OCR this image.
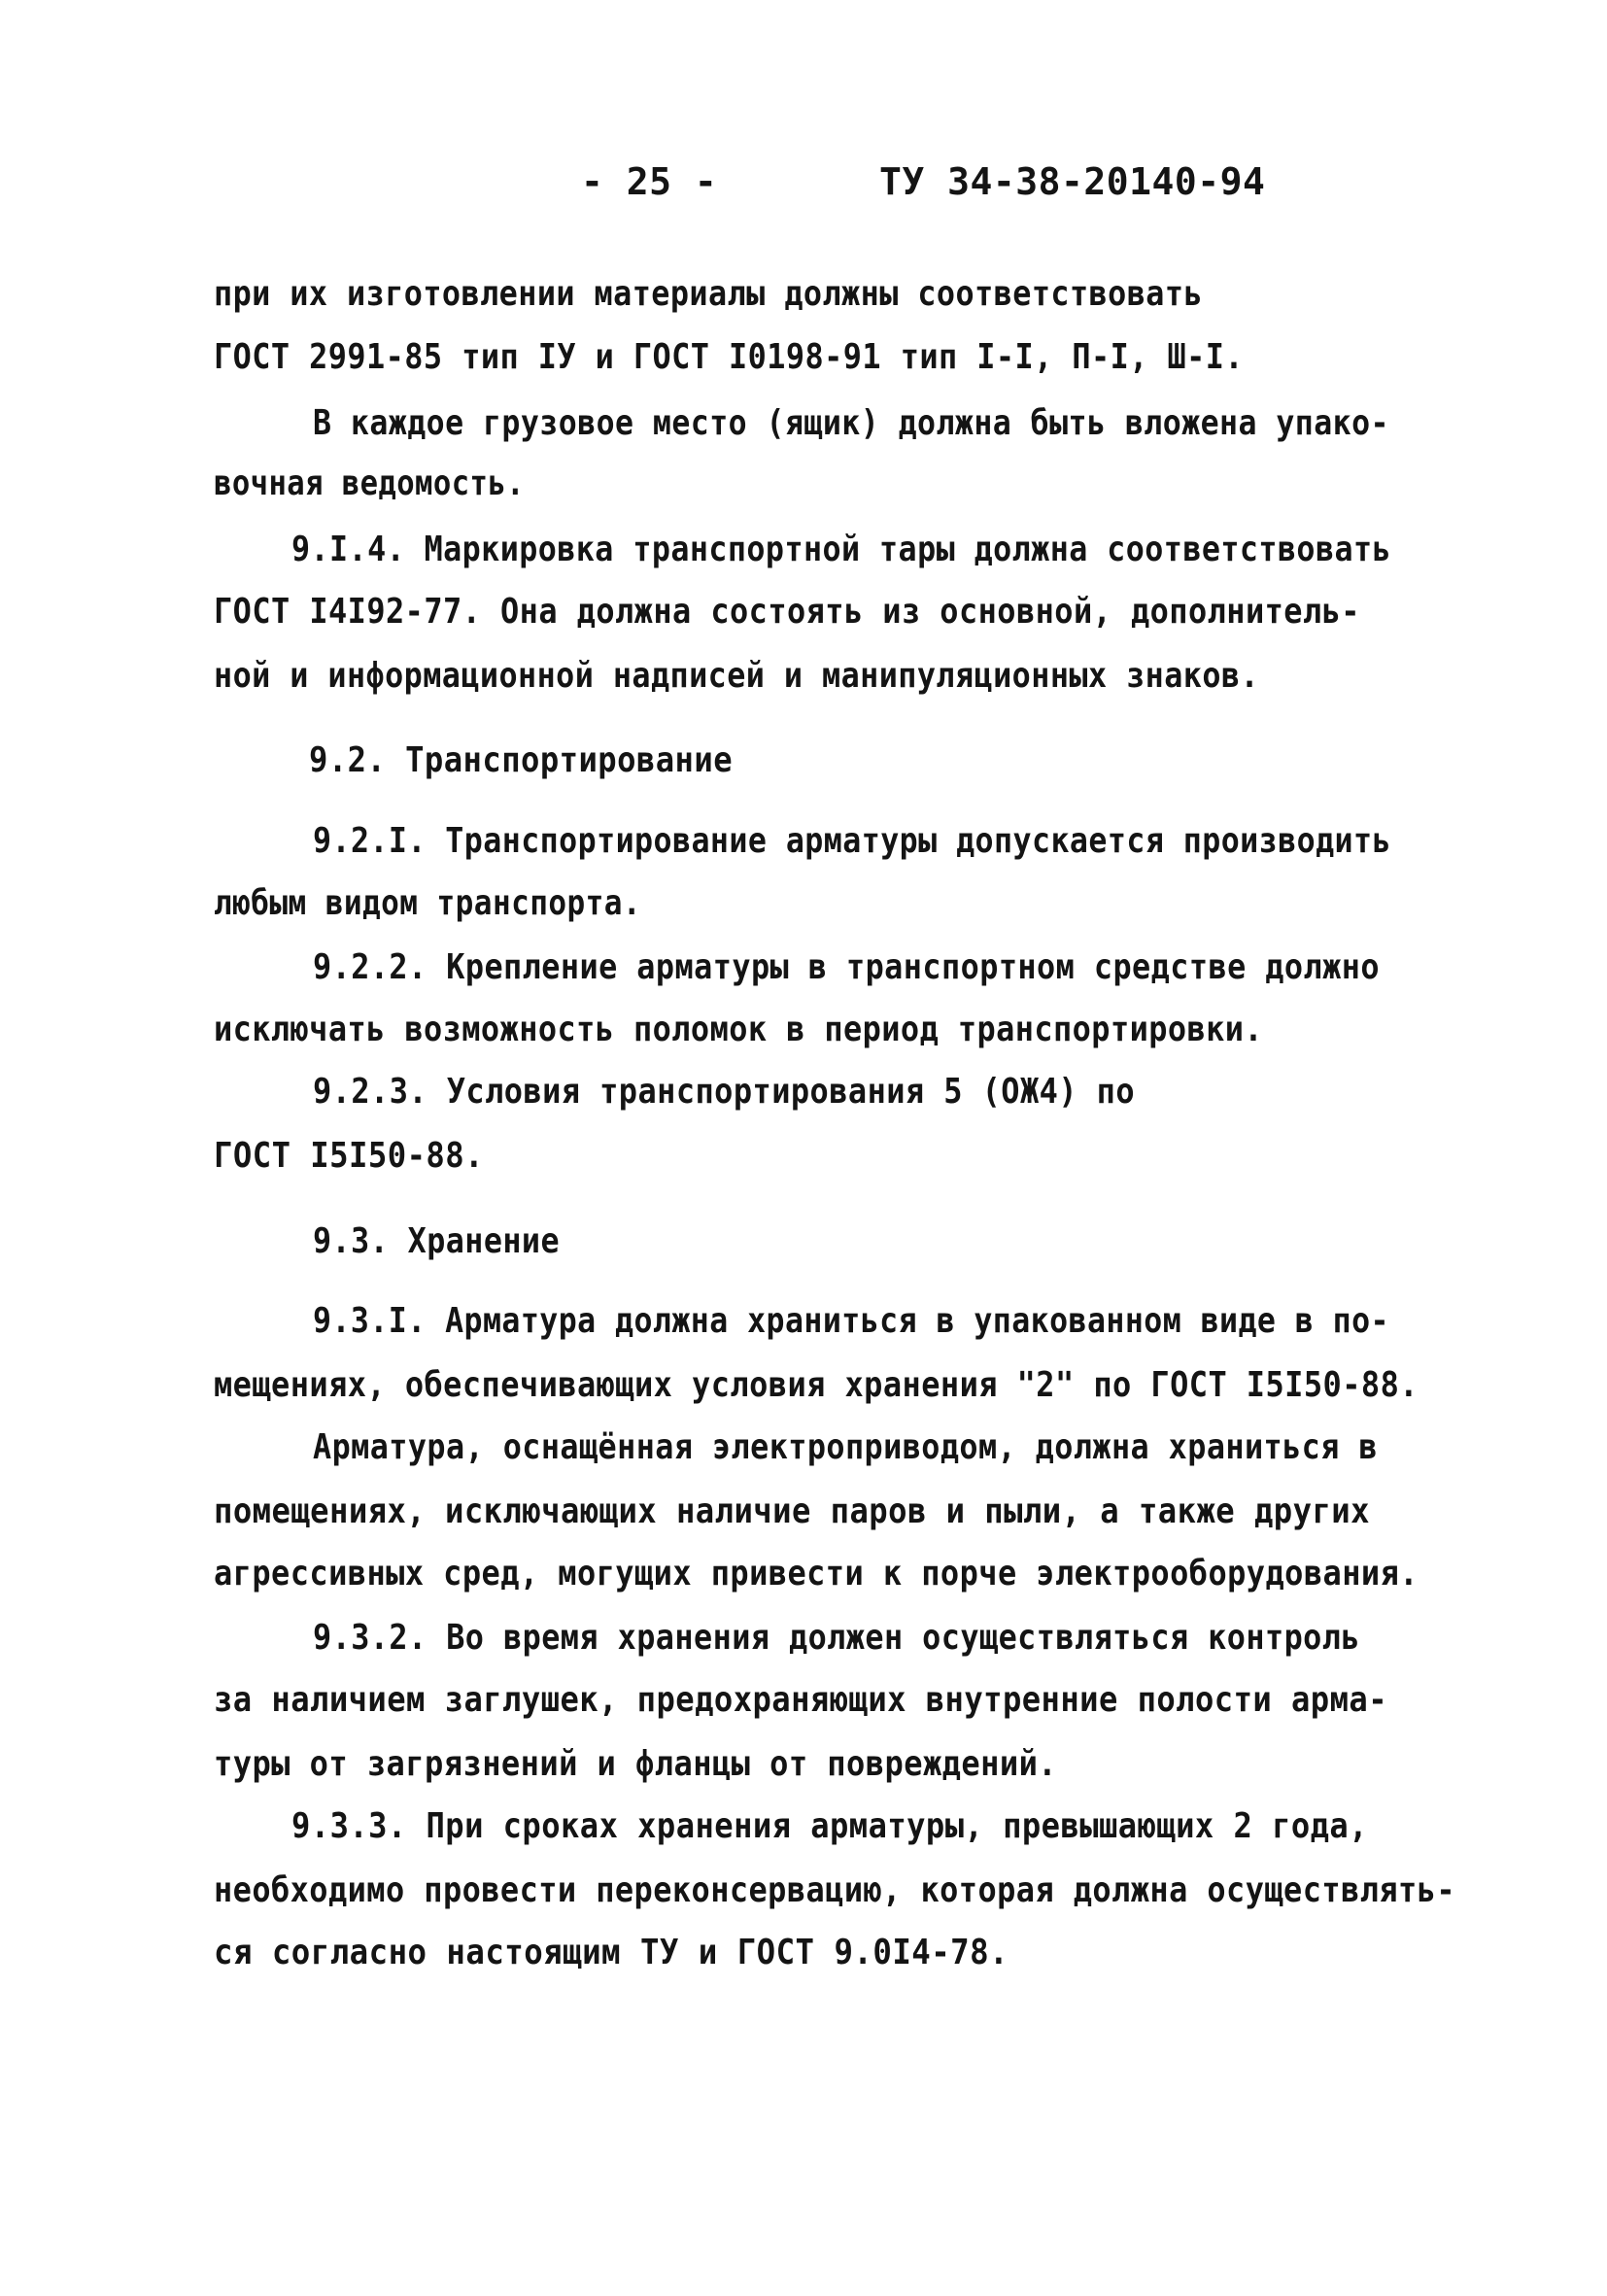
- 25 -	ТУ 34-38-20140-94
при их изготовлении материалы должны соответствовать
ГОСТ 2991-85 тип IУ и ГОСТ I0198-91 тип I-I, П-I, Ш-I.
В каждое грузовое место (ящик) должна быть вложена упако-
вочная ведомость.
9.I.4. Маркировка транспортной тары должна соответствовать
ГОСТ I4I92-77. Она должна состоять из основной, дополнитель-
ной и информационной надписей и манипуляционных знаков.
9.2. Транспортирование
9.2.I. Транспортирование арматуры допускается производить
любым видом транспорта.
9.2.2. Крепление арматуры в транспортном средстве должно
исключать возможность поломок в период транспортировки.
9.2.3. Условия транспортирования 5 (ОЖ4) по
ГОСТ I5I50-88.
9.3. Хранение
9.3.I. Арматура должна храниться в упакованном виде в по-
мещениях, обеспечивающих условия хранения "2" по ГОСТ I5I50-88.
Арматура, оснащённая электроприводом, должна храниться в
помещениях, исключающих наличие паров и пыли, а также других
агрессивных сред, могущих привести к порче электрооборудования.
9.3.2. Во время хранения должен осуществляться контроль
за наличием заглушек, предохраняющих внутренние полости арма-
туры от загрязнений и фланцы от повреждений.
9.3.3. При сроках хранения арматуры, превышающих 2 года,
необходимо провести переконсервацию, которая должна осуществлять-
ся согласно настоящим ТУ и ГОСТ 9.0I4-78.
